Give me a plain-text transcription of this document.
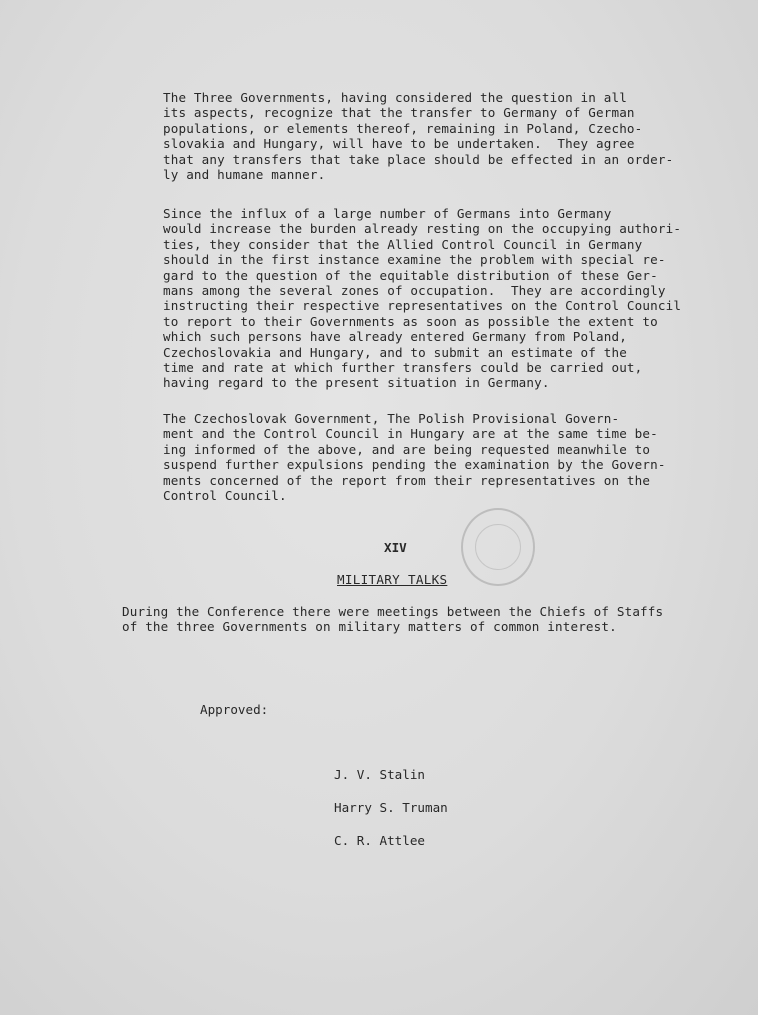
The Three Governments, having considered the question in all
its aspects, recognize that the transfer to Germany of German
populations, or elements thereof, remaining in Poland, Czecho-
slovakia and Hungary, will have to be undertaken.  They agree
that any transfers that take place should be effected in an order-
ly and humane manner.

Since the influx of a large number of Germans into Germany
would increase the burden already resting on the occupying authori-
ties, they consider that the Allied Control Council in Germany
should in the first instance examine the problem with special re-
gard to the question of the equitable distribution of these Ger-
mans among the several zones of occupation.  They are accordingly
instructing their respective representatives on the Control Council
to report to their Governments as soon as possible the extent to
which such persons have already entered Germany from Poland,
Czechoslovakia and Hungary, and to submit an estimate of the
time and rate at which further transfers could be carried out,
having regard to the present situation in Germany.

The Czechoslovak Government, The Polish Provisional Govern-
ment and the Control Council in Hungary are at the same time be-
ing informed of the above, and are being requested meanwhile to
suspend further expulsions pending the examination by the Govern-
ments concerned of the report from their representatives on the
Control Council.

XIV

MILITARY TALKS

During the Conference there were meetings between the Chiefs of Staffs
of the three Governments on military matters of common interest.

Approved:

J. V. Stalin

Harry S. Truman

C. R. Attlee
